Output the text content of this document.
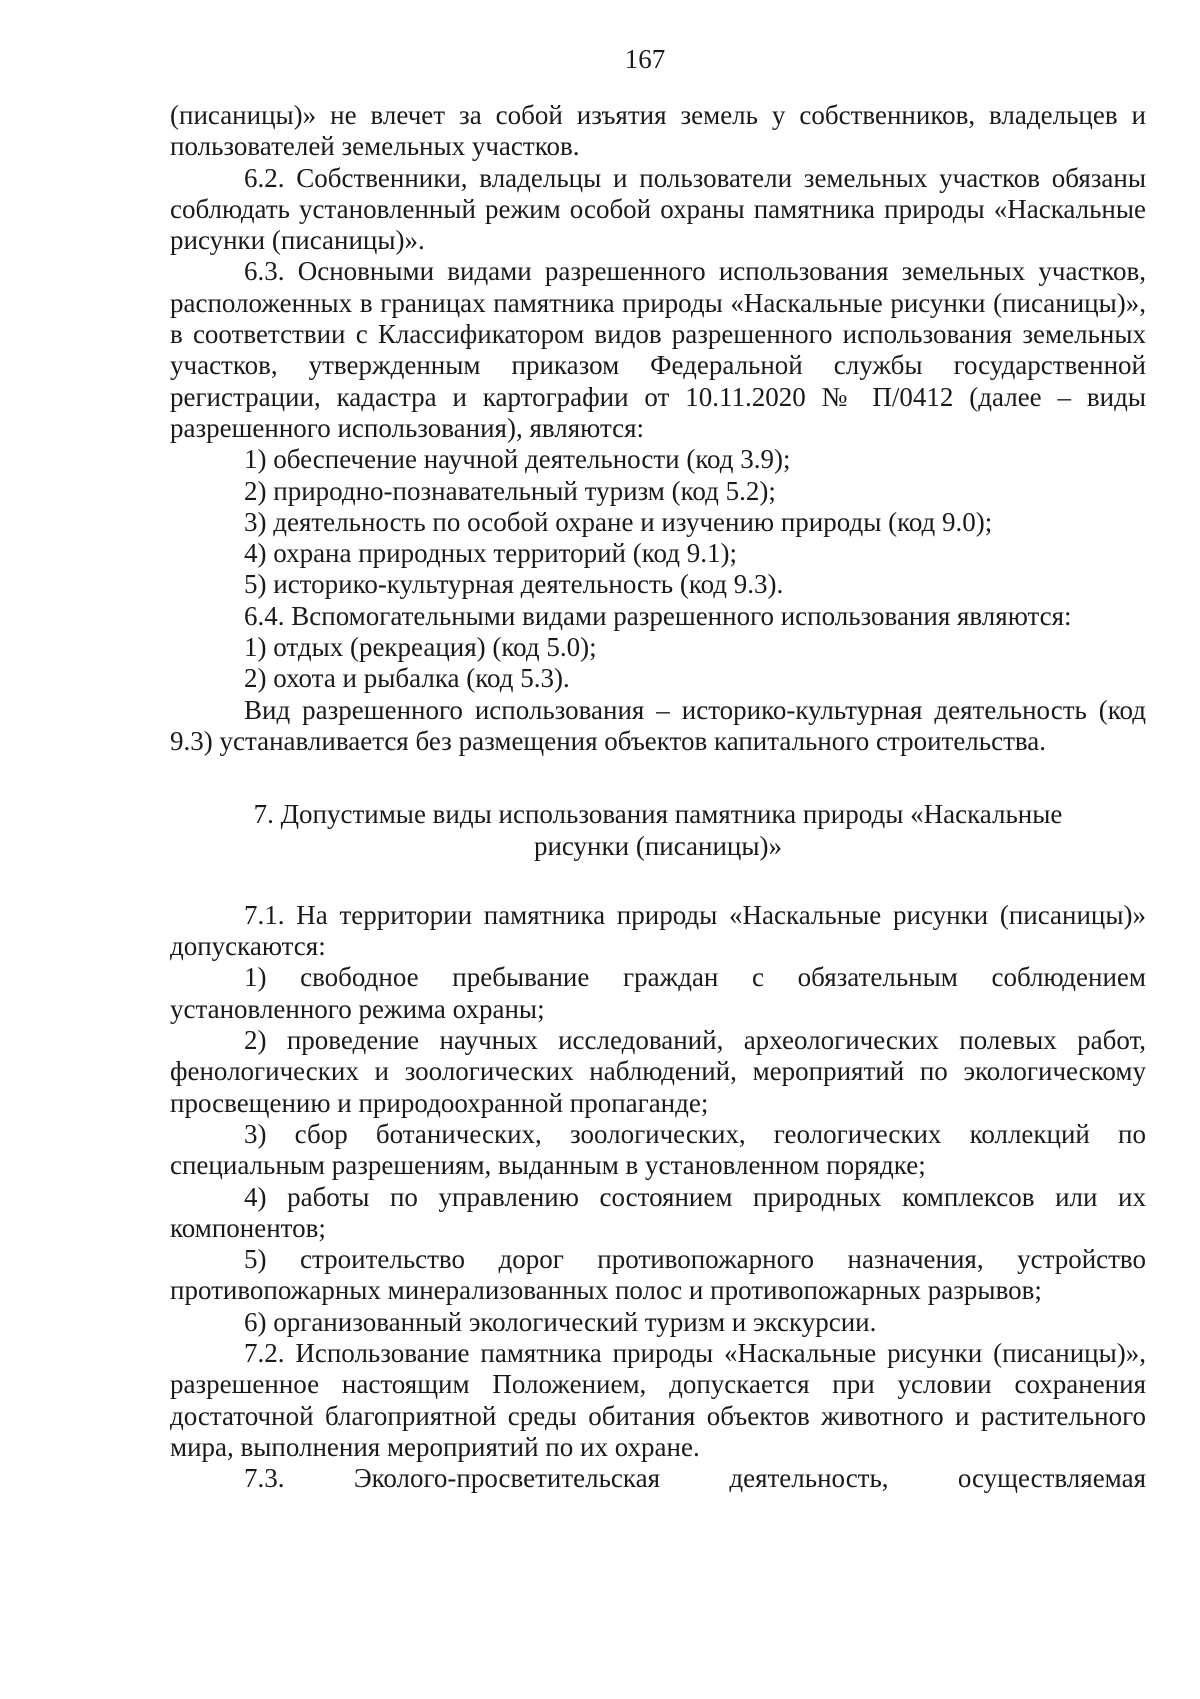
167

(писаницы)» не влечет за собой изъятия земель у собственников, владельцев и пользователей земельных участков.

6.2. Собственники, владельцы и пользователи земельных участков обязаны соблюдать установленный режим особой охраны памятника природы «Наскальные рисунки (писаницы)».

6.3. Основными видами разрешенного использования земельных участков, расположенных в границах памятника природы «Наскальные рисунки (писаницы)», в соответствии с Классификатором видов разрешенного использования земельных участков, утвержденным приказом Федеральной службы государственной регистрации, кадастра и картографии от 10.11.2020 № П/0412 (далее – виды разрешенного использования), являются:

1) обеспечение научной деятельности (код 3.9);

2) природно-познавательный туризм (код 5.2);

3) деятельность по особой охране и изучению природы (код 9.0);

4) охрана природных территорий (код 9.1);

5) историко-культурная деятельность (код 9.3).

6.4. Вспомогательными видами разрешенного использования являются:

1) отдых (рекреация) (код 5.0);

2) охота и рыбалка (код 5.3).

Вид разрешенного использования – историко-культурная деятельность (код 9.3) устанавливается без размещения объектов капитального строительства.

7. Допустимые виды использования памятника природы «Наскальные
рисунки (писаницы)»

7.1. На территории памятника природы «Наскальные рисунки (писаницы)» допускаются:

1) свободное пребывание граждан с обязательным соблюдением установленного режима охраны;

2) проведение научных исследований, археологических полевых работ, фенологических и зоологических наблюдений, мероприятий по экологическому просвещению и природоохранной пропаганде;

3) сбор ботанических, зоологических, геологических коллекций по специальным разрешениям, выданным в установленном порядке;

4) работы по управлению состоянием природных комплексов или их компонентов;

5) строительство дорог противопожарного назначения, устройство противопожарных минерализованных полос и противопожарных разрывов;

6) организованный экологический туризм и экскурсии.

7.2. Использование памятника природы «Наскальные рисунки (писаницы)», разрешенное настоящим Положением, допускается при условии сохранения достаточной благоприятной среды обитания объектов животного и растительного мира, выполнения мероприятий по их охране.

7.3. Эколого-просветительская деятельность, осуществляемая
